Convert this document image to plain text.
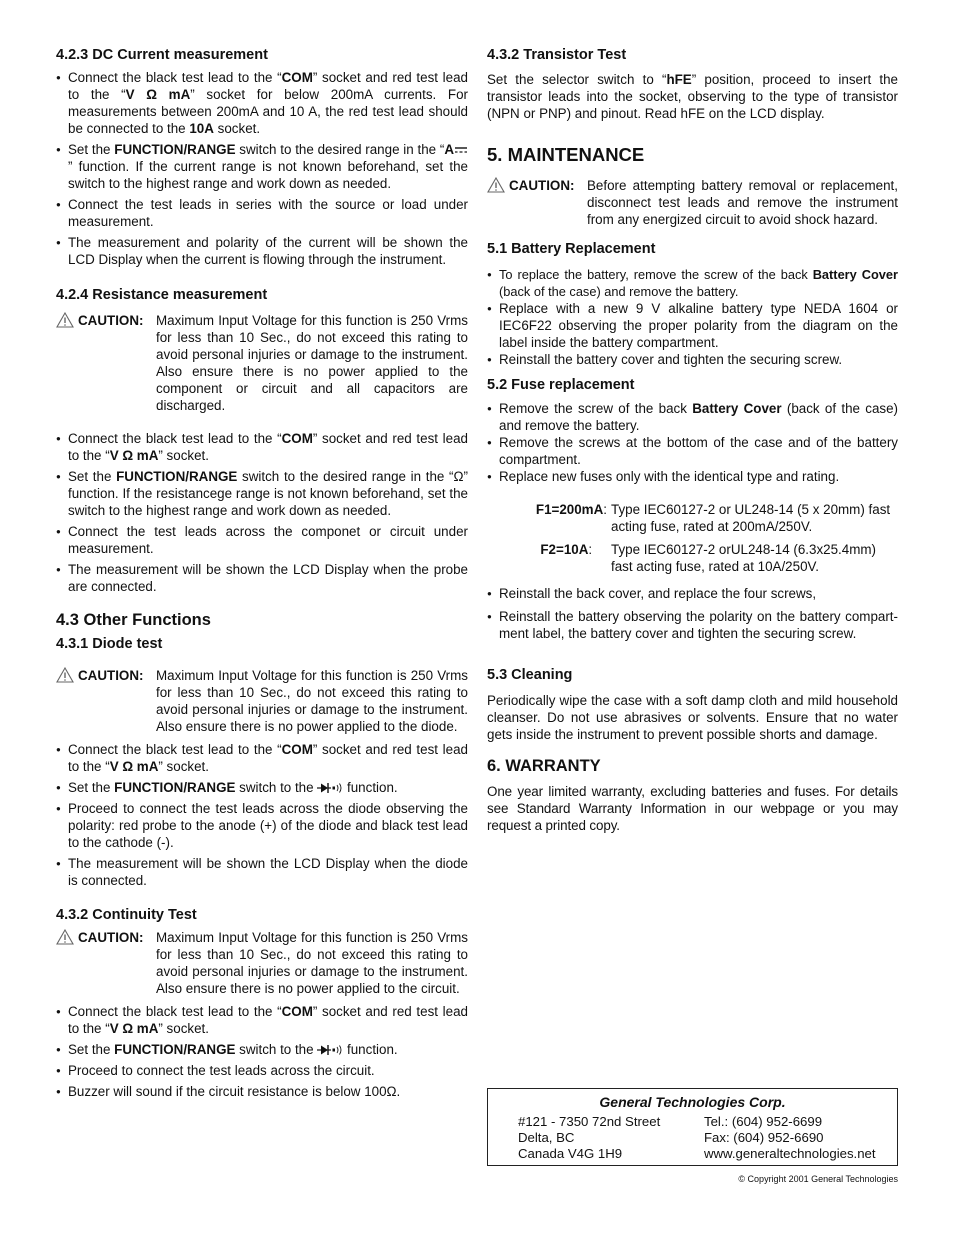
4.2.3 DC Current measurement
● Connect the black test lead to the “COM” socket and red test lead to the “V Ω mA” socket for below 200mA currents. For measurements between 200mA and 10 A, the red test lead should be connected to the 10A socket.
● Set the FUNCTION/RANGE switch to the desired range in the “A” function. If the current range is not known beforehand, set the switch to the highest range and work down as needed.
● Connect the test leads in series with the source or load under measurement.
● The measurement and polarity of the current will be shown the LCD Display when the current is flowing through the instrument.
4.2.4 Resistance measurement
CAUTION : Maximum Input Voltage for this function is 250 Vrms for less than 10 Sec., do not exceed this rating to avoid personal injuries or damage to the instrument. Also ensure there is no power applied to the component or circuit and all capacitors are discharged.
● Connect the black test lead to the “COM” socket and red test lead to the “V Ω mA” socket.
● Set the FUNCTION/RANGE switch to the desired range in the “Ω” function. If the resistancege range is not known beforehand, set the switch to the highest range and work down as needed.
● Connect the test leads across the componet or circuit under measurement.
● The measurement will be shown the LCD Display when the probe are connected.
4.3 Other Functions
4.3.1 Diode test
CAUTION : Maximum Input Voltage for this function is 250 Vrms for less than 10 Sec., do not exceed this rating to avoid personal injuries or damage to the instrument. Also ensure there is no power applied to the diode.
● Connect the black test lead to the “COM” socket and red test lead to the “V Ω mA” socket.
● Set the FUNCTION/RANGE switch to the  function.
● Proceed to connect the test leads across the diode observing the polarity: red probe to the anode (+) of the diode and black test lead to the cathode (-).
● The measurement will be shown the LCD Display when the diode is connected.
4.3.2 Continuity Test
CAUTION : Maximum Input Voltage for this function is 250 Vrms for less than 10 Sec., do not exceed this rating to avoid personal injuries or damage to the instrument. Also ensure there is no power applied to the circuit.
● Connect the black test lead to the “COM” socket and red test lead to the “V Ω mA” socket.
● Set the FUNCTION/RANGE switch to the  function.
● Proceed to connect the test leads across the circuit.
● Buzzer will sound if the circuit resistance is below 100Ω.
4.3.2 Transistor Test

Set the selector switch to “hFE” position, proceed to insert the transistor leads into the socket, observing to the type of transistor (NPN or PNP) and pinout. Read hFE on the LCD display.

5. MAINTENANCE
CAUTION: Before attempting battery removal or replacement, disconnect test leads and remove the instrument from any energized circuit to avoid shock hazard.
5.1 Battery Replacement
● To replace the battery, remove the screw of the back Battery Cover (back of the case) and remove the battery.
● Replace with a new 9 V alkaline battery type NEDA 1604 or IEC6F22 observing the proper polarity from the diagram on the label inside the battery compartment.
● Reinstall the battery cover and tighten the securing screw.
5.2 Fuse replacement
● Remove the screw of the back Battery Cover (back of the case) and remove the battery.
● Remove the screws at the bottom of the case and of the battery compartment.
● Replace new fuses only with the identical type and rating.
F1=200mA: Type IEC60127-2 or UL248-14 (5 x 20mm) fast acting fuse, rated at 200mA/250V.
F2=10A: Type IEC60127-2 orUL248-14 (6.3x25.4mm) fast acting fuse, rated at 10A/250V.
● Reinstall the back cover, and replace the four screws,
● Reinstall the battery observing the polarity on the battery compart-ment label, the battery cover and tighten the securing screw.
5.3 Cleaning

Periodically wipe the case with a soft damp cloth and mild household cleanser. Do not use abrasives or solvents. Ensure that no water gets inside the instrument to prevent possible shorts and damage.

6. WARRANTY

One year limited warranty, excluding batteries and fuses. For details see Standard Warranty Information in our webpage or you may request a printed copy.

General Technologies Corp.
#121 - 7350 72nd Street
Delta, BC
Canada V4G 1H9
Tel.: (604) 952-6699
Fax: (604) 952-6690
www.generaltechnologies.net
© Copyright 2001 General Technologies
